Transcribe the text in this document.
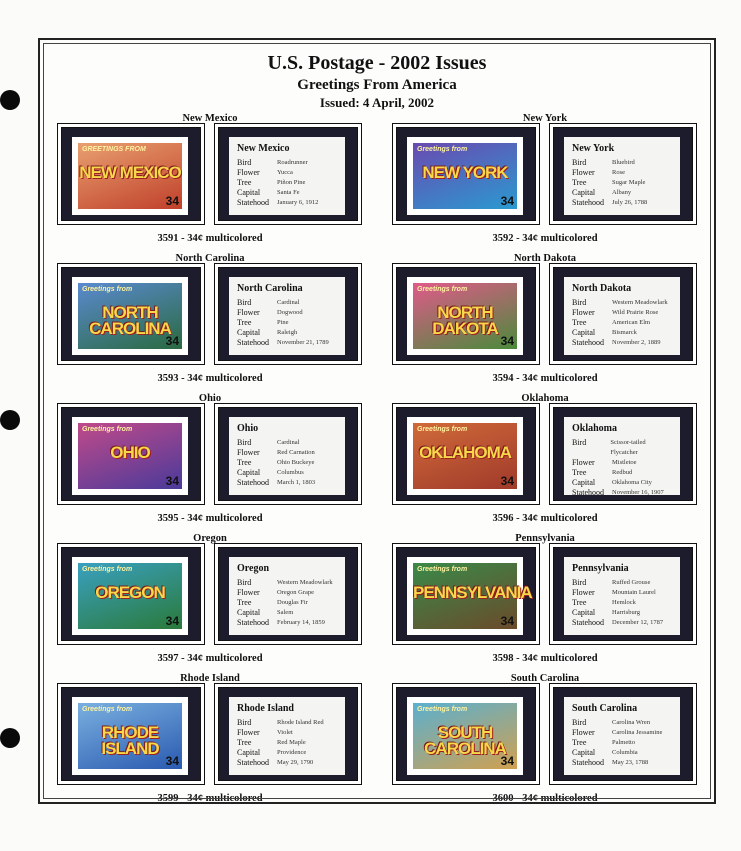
U.S. Postage - 2002 Issues
Greetings From America
Issued: 4 April, 2002
New Mexico
GREETINGS FROM
NEW MEXICO
34
New Mexico
Bird	Roadrunner
Flower	Yucca
Tree	Piñon Pine
Capital	Santa Fe
Statehood	January 6, 1912
3591 - 34¢ multicolored
New York
Greetings from
NEW YORK
34
New York
Bird	Bluebird
Flower	Rose
Tree	Sugar Maple
Capital	Albany
Statehood	July 26, 1788
3592 - 34¢ multicolored
North Carolina
Greetings from
NORTH CAROLINA
34
North Carolina
Bird	Cardinal
Flower	Dogwood
Tree	Pine
Capital	Raleigh
Statehood	November 21, 1789
3593 - 34¢ multicolored
North Dakota
Greetings from
NORTH DAKOTA
34
North Dakota
Bird	Western Meadowlark
Flower	Wild Prairie Rose
Tree	American Elm
Capital	Bismarck
Statehood	November 2, 1889
3594 - 34¢ multicolored
Ohio
Greetings from
OHIO
34
Ohio
Bird	Cardinal
Flower	Red Carnation
Tree	Ohio Buckeye
Capital	Columbus
Statehood	March 1, 1803
3595 - 34¢ multicolored
Oklahoma
Greetings from
OKLAHOMA
34
Oklahoma
Bird	Scissor-tailed Flycatcher
Flower	Mistletoe
Tree	Redbud
Capital	Oklahoma City
Statehood	November 16, 1907
3596 - 34¢ multicolored
Oregon
Greetings from
OREGON
34
Oregon
Bird	Western Meadowlark
Flower	Oregon Grape
Tree	Douglas Fir
Capital	Salem
Statehood	February 14, 1859
3597 - 34¢ multicolored
Pennsylvania
Greetings from
PENNSYLVANIA
34
Pennsylvania
Bird	Ruffed Grouse
Flower	Mountain Laurel
Tree	Hemlock
Capital	Harrisburg
Statehood	December 12, 1787
3598 - 34¢ multicolored
Rhode Island
Greetings from
RHODE ISLAND
34
Rhode Island
Bird	Rhode Island Red
Flower	Violet
Tree	Red Maple
Capital	Providence
Statehood	May 29, 1790
3599 - 34¢ multicolored
South Carolina
Greetings from
SOUTH CAROLINA
34
South Carolina
Bird	Carolina Wren
Flower	Carolina Jessamine
Tree	Palmetto
Capital	Columbia
Statehood	May 23, 1788
3600 - 34¢ multicolored
